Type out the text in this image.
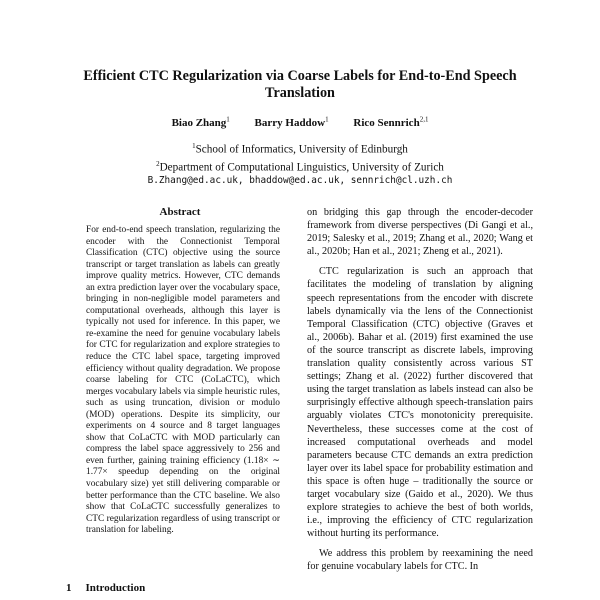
Efficient CTC Regularization via Coarse Labels for End-to-End Speech Translation
Biao Zhang$^1$ Barry Haddow$^1$ Rico Sennrich$^{2,1}$
$^1$School of Informatics, University of Edinburgh
$^2$Department of Computational Linguistics, University of Zurich
B.Zhang@ed.ac.uk, bhaddow@ed.ac.uk, sennrich@cl.uzh.ch
Abstract
For end-to-end speech translation, regularizing the encoder with the Connectionist Temporal Classification (CTC) objective using the source transcript or target translation as labels can greatly improve quality metrics. However, CTC demands an extra prediction layer over the vocabulary space, bringing in non-negligible model parameters and computational overheads, although this layer is typically not used for inference. In this paper, we re-examine the need for genuine vocabulary labels for CTC for regularization and explore strategies to reduce the CTC label space, targeting improved efficiency without quality degradation. We propose coarse labeling for CTC (CoLaCTC), which merges vocabulary labels via simple heuristic rules, such as using truncation, division or modulo (MOD) operations. Despite its simplicity, our experiments on 4 source and 8 target languages show that CoLaCTC with MOD particularly can compress the label space aggressively to 256 and even further, gaining training efficiency (1.18× ∼ 1.77× speedup depending on the original vocabulary size) yet still delivering comparable or better performance than the CTC baseline. We also show that CoLaCTC successfully generalizes to CTC regularization regardless of using transcript or translation for labeling.

on bridging this gap through the encoder-decoder framework from diverse perspectives (Di Gangi et al., 2019; Salesky et al., 2019; Zhang et al., 2020; Wang et al., 2020b; Han et al., 2021; Zheng et al., 2021).

CTC regularization is such an approach that facilitates the modeling of translation by aligning speech representations from the encoder with discrete labels dynamically via the lens of the Connectionist Temporal Classification (CTC) objective (Graves et al., 2006b). Bahar et al. (2019) first examined the use of the source transcript as discrete labels, improving translation quality consistently across various ST settings; Zhang et al. (2022) further discovered that using the target translation as labels instead can also be surprisingly effective although speech-translation pairs arguably violates CTC's monotonicity prerequisite. Nevertheless, these successes come at the cost of increased computational overheads and model parameters because CTC demands an extra prediction layer over its label space for probability estimation and this space is often huge – traditionally the source or target vocabulary size (Gaido et al., 2020). We thus explore strategies to achieve the best of both worlds, i.e., improving the efficiency of CTC regularization without hurting its performance.

We address this problem by reexamining the need for genuine vocabulary labels for CTC. In

1 Introduction
